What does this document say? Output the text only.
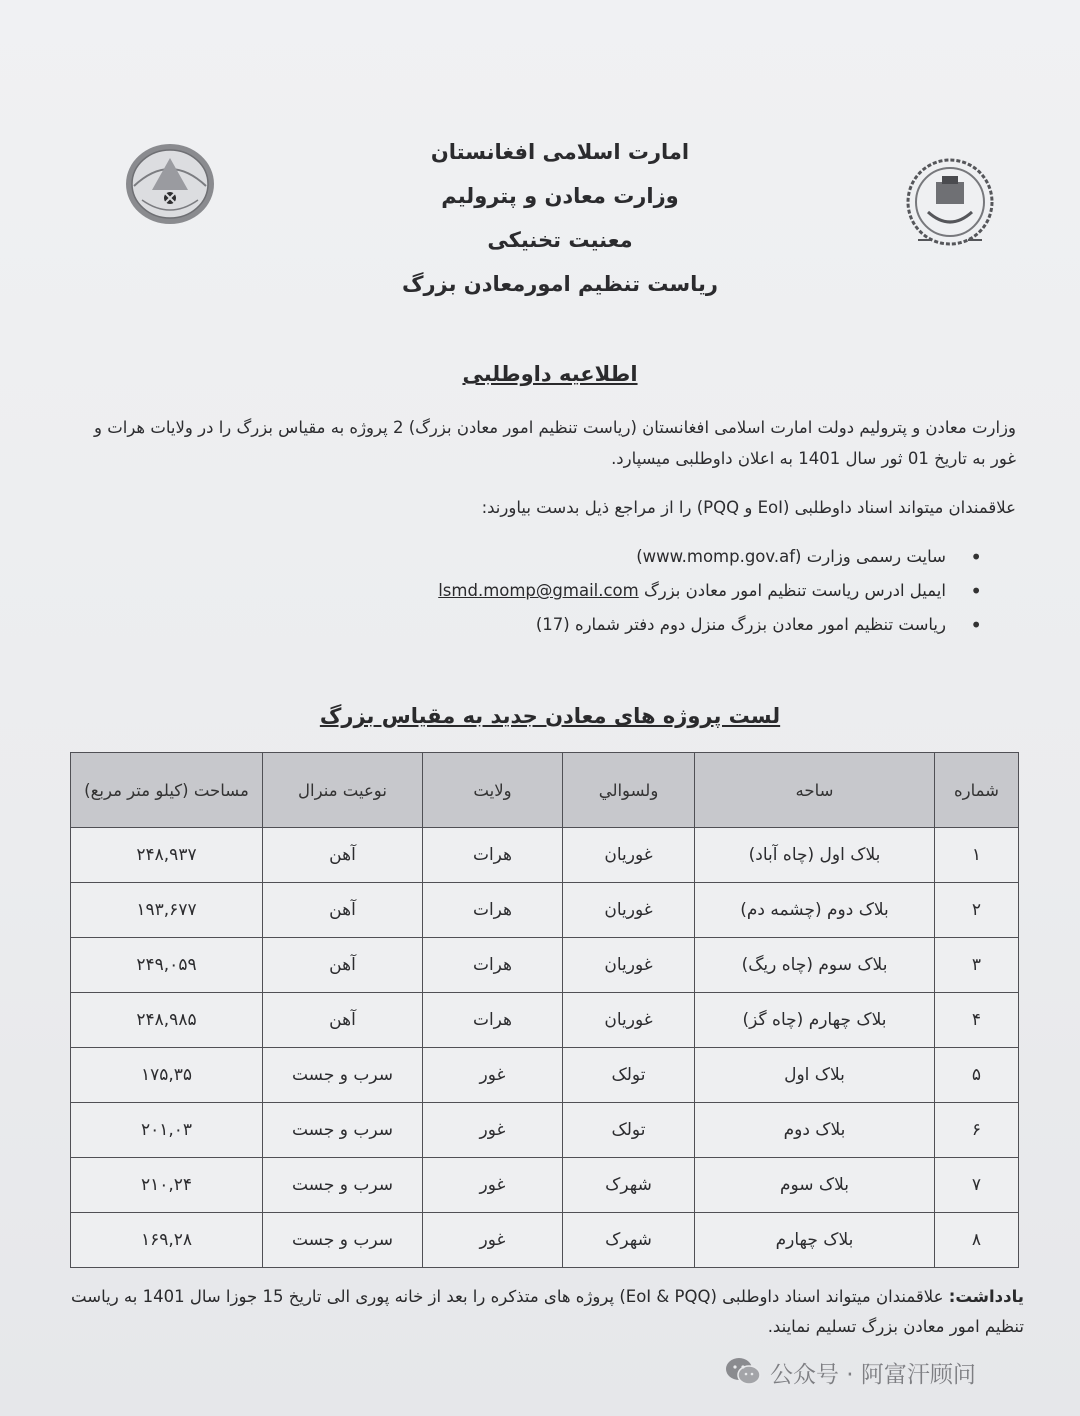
امارت اسلامی افغانستان
وزارت معادن و پترولیم
معنیت تخنیکی
ریاست تنظیم امورمعادن بزرگ
اطلاعیه داوطلبی
وزارت معادن و پترولیم دولت امارت اسلامی افغانستان (ریاست تنظیم امور معادن بزرگ) 2 پروژه به مقیاس بزرگ را در ولایات هرات و غور به تاریخ 01 ثور سال 1401 به اعلان داوطلبی میسپارد.
علاقمندان میتواند اسناد داوطلبی (EoI و PQQ) را از مراجع ذیل بدست بیاورند:
• سایت رسمی وزارت (www.momp.gov.af)
• ایمیل ادرس ریاست تنظیم امور معادن بزرگ lsmd.momp@gmail.com
• ریاست تنظیم امور معادن بزرگ منزل دوم دفتر شماره (17)
لست پروژه های معادن جدید به مقیاس بزرگ
شماره	ساحه	ولسوالي	ولایت	نوعیت منرال	مساحت (کیلو متر مربع)
۱	بلاک اول (چاه آباد)	غوریان	هرات	آهن	۲۴۸,۹۳۷
۲	بلاک دوم (چشمه دم)	غوریان	هرات	آهن	۱۹۳,۶۷۷
۳	بلاک سوم (چاه ریگ)	غوریان	هرات	آهن	۲۴۹,۰۵۹
۴	بلاک چهارم (چاه گز)	غوریان	هرات	آهن	۲۴۸,۹۸۵
۵	بلاک اول	تولک	غور	سرب و جست	۱۷۵,۳۵
۶	بلاک دوم	تولک	غور	سرب و جست	۲۰۱,۰۳
۷	بلاک سوم	شهرک	غور	سرب و جست	۲۱۰,۲۴
۸	بلاک چهارم	شهرک	غور	سرب و جست	۱۶۹,۲۸
یادداشت: علاقمندان میتواند اسناد داوطلبی (EoI & PQQ) پروژه های متذکره را بعد از خانه پوری الی تاریخ 15 جوزا سال 1401 به ریاست تنظیم امور معادن بزرگ تسلیم نمایند.
公众号 · 阿富汗顾问
